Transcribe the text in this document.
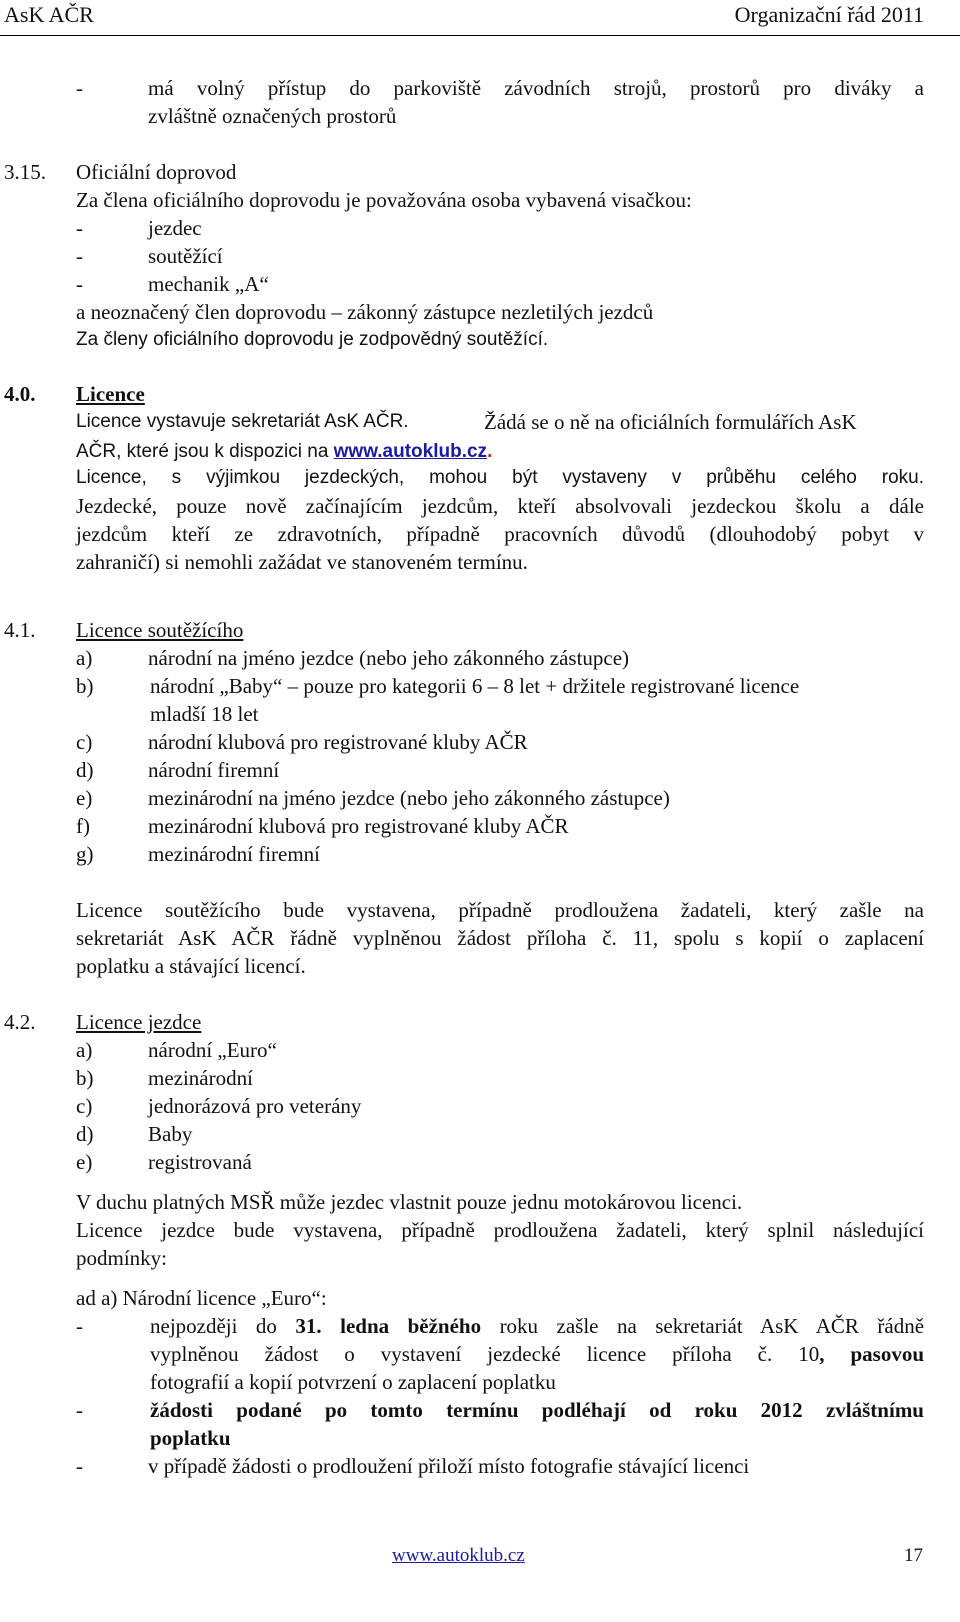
AsK AČR	Organizační řád 2011
-	má volný přístup do parkoviště závodních strojů, prostorů pro diváky a
zvláštně označených prostorů
3.15. Oficiální doprovod
Za člena oficiálního doprovodu je považována osoba vybavená visačkou:
-	jezdec
-	soutěžící
-	mechanik „A“
a neoznačený člen doprovodu – zákonný zástupce nezletilých jezdců
Za členy oficiálního doprovodu je zodpovědný soutěžící.
4.0. Licence
Licence vystavuje sekretariát AsK AČR.	Žádá se o ně na oficiálních formulářích AsK
AČR, které jsou k dispozici na www.autoklub.cz.
Licence, s výjimkou jezdeckých, mohou být vystaveny v průběhu celého roku.
Jezdecké, pouze nově začínajícím jezdcům, kteří absolvovali jezdeckou školu a dále
jezdcům kteří ze zdravotních, případně pracovních důvodů (dlouhodobý pobyt v
zahraničí) si nemohli zažádat ve stanoveném termínu.
4.1. Licence soutěžícího
a)	národní na jméno jezdce (nebo jeho zákonného zástupce)
b)	národní „Baby“ – pouze pro kategorii 6 – 8 let + držitele registrované licence
mladší 18 let
c)	národní klubová pro registrované kluby AČR
d)	národní firemní
e)	mezinárodní na jméno jezdce (nebo jeho zákonného zástupce)
f)	mezinárodní klubová pro registrované kluby AČR
g)	mezinárodní firemní
Licence soutěžícího bude vystavena, případně prodloužena žadateli, který zašle na
sekretariát AsK AČR řádně vyplněnou žádost příloha č. 11, spolu s kopií o zaplacení
poplatku a stávající licencí.
4.2. Licence jezdce
a)	národní „Euro“
b)	mezinárodní
c)	jednorázová pro veterány
d)	Baby
e)	registrovaná
V duchu platných MSŘ může jezdec vlastnit pouze jednu motokárovou licenci.
Licence jezdce bude vystavena, případně prodloužena žadateli, který splnil následující
podmínky:
ad a) Národní licence „Euro“:
-	nejpozději do 31. ledna běžného roku zašle na sekretariát AsK AČR řádně
vyplněnou žádost o vystavení jezdecké licence příloha č. 10, pasovou
fotografií a kopií potvrzení o zaplacení poplatku
-	žádosti podané po tomto termínu podléhají od roku 2012 zvláštnímu
poplatku
-	v případě žádosti o prodloužení přiloží místo fotografie stávající licenci
www.autoklub.cz	17
